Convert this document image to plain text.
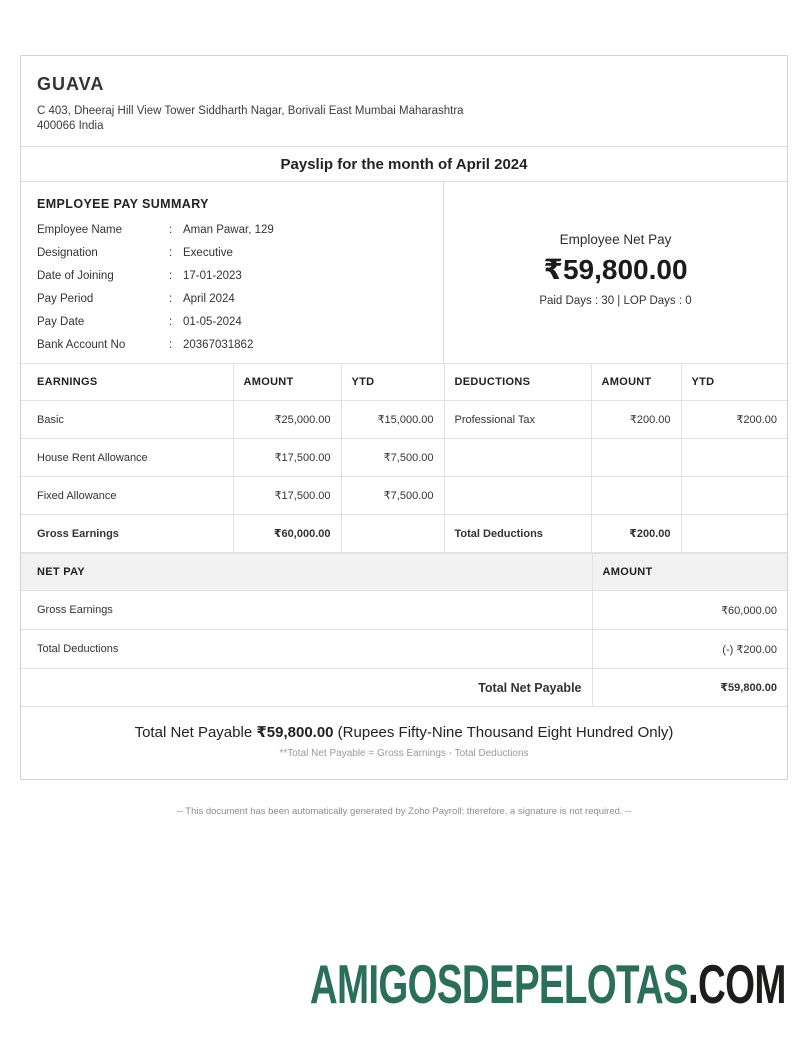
GUAVA
C 403, Dheeraj Hill View Tower Siddharth Nagar, Borivali East Mumbai Maharashtra
400066 India
Payslip for the month of April 2024
EMPLOYEE PAY SUMMARY
Employee Name	: Aman Pawar, 129
Designation	: Executive
Date of Joining	: 17-01-2023
Pay Period	: April 2024
Pay Date	: 01-05-2024
Bank Account No	: 20367031862
Employee Net Pay
₹59,800.00
Paid Days : 30 | LOP Days : 0
EARNINGS	AMOUNT	YTD	DEDUCTIONS	AMOUNT	YTD
Basic	₹25,000.00	₹15,000.00	Professional Tax	₹200.00	₹200.00
House Rent Allowance	₹17,500.00	₹7,500.00			
Fixed Allowance	₹17,500.00	₹7,500.00			
Gross Earnings	₹60,000.00		Total Deductions	₹200.00	
NET PAY	AMOUNT
Gross Earnings	₹60,000.00
Total Deductions	(-) ₹200.00
Total Net Payable	₹59,800.00
Total Net Payable ₹59,800.00 (Rupees Fifty-Nine Thousand Eight Hundred Only)
**Total Net Payable = Gross Earnings - Total Deductions
-- This document has been automatically generated by Zoho Payroll; therefore, a signature is not required. --
AMIGOSDEPELOTAS.COM
